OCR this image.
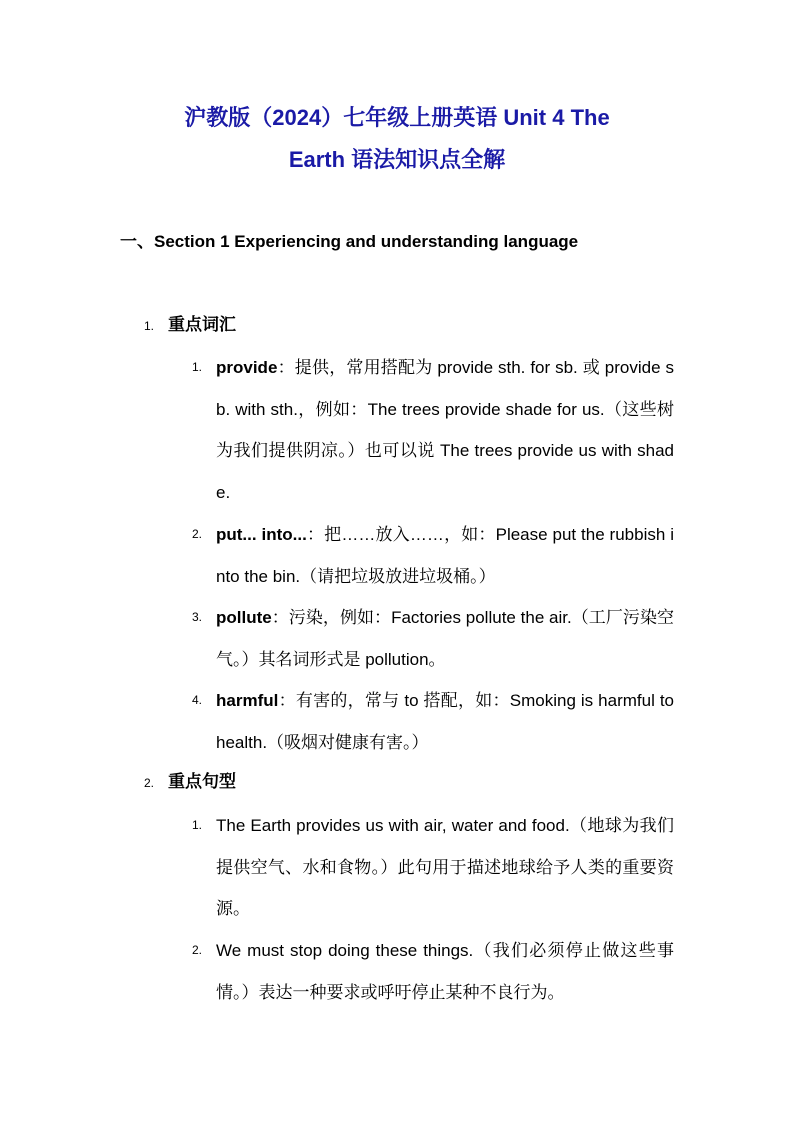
沪教版（2024）七年级上册英语 Unit 4 The
Earth 语法知识点全解
一、Section 1 Experiencing and understanding language
1. 重点词汇
1. provide：提供，常用搭配为 provide sth. for sb. 或 provide sb. with sth.，例如：The trees provide shade for us.（这些树为我们提供阴凉。）也可以说 The trees provide us with shade.
2. put... into...：把……放入……，如：Please put the rubbish into the bin.（请把垃圾放进垃圾桶。）
3. pollute：污染，例如：Factories pollute the air.（工厂污染空气。）其名词形式是 pollution。
4. harmful：有害的，常与 to 搭配，如：Smoking is harmful to health.（吸烟对健康有害。）
2. 重点句型
1. The Earth provides us with air, water and food.（地球为我们提供空气、水和食物。）此句用于描述地球给予人类的重要资源。
2. We must stop doing these things.（我们必须停止做这些事情。）表达一种要求或呼吁停止某种不良行为。
